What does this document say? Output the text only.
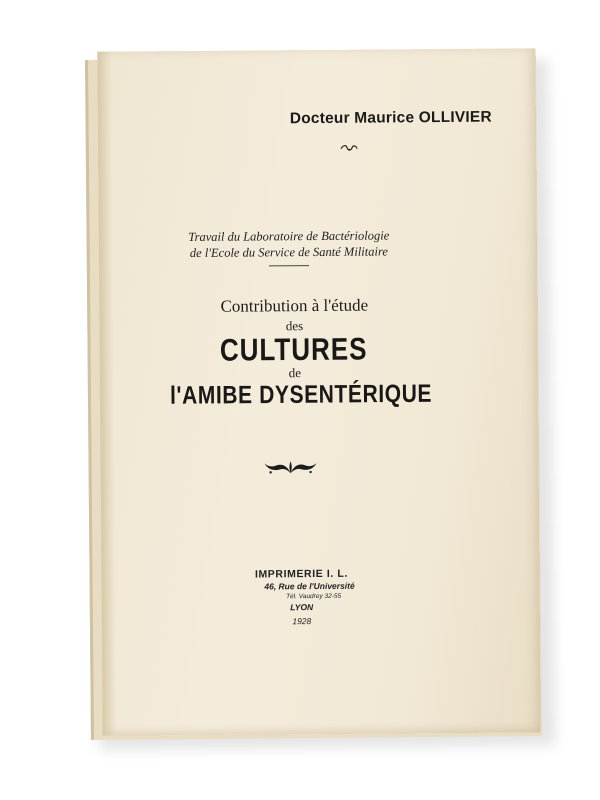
Docteur Maurice OLLIVIER
Travail du Laboratoire de Bactériologie
de l'Ecole du Service de Santé Militaire
Contribution à l'étude
des
CULTURES
de
l'AMIBE DYSENTÉRIQUE
IMPRIMERIE I. L.
46, Rue de l'Université
Tél. Vaudrey 32-55
LYON
1928
